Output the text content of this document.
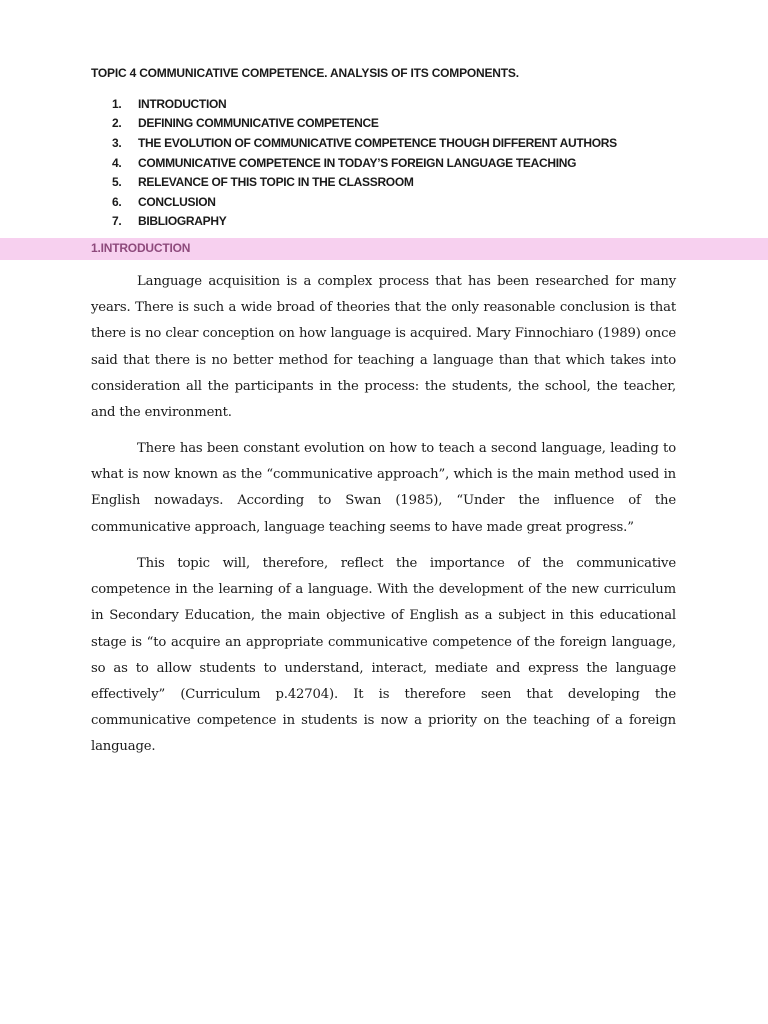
TOPIC 4 COMMUNICATIVE COMPETENCE. ANALYSIS OF ITS COMPONENTS.
1.	INTRODUCTION
2.	DEFINING COMMUNICATIVE COMPETENCE
3.	THE EVOLUTION OF COMMUNICATIVE COMPETENCE THOUGH DIFFERENT AUTHORS
4.	COMMUNICATIVE COMPETENCE IN TODAY’S FOREIGN LANGUAGE TEACHING
5.	RELEVANCE OF THIS TOPIC IN THE CLASSROOM
6.	CONCLUSION
7.	BIBLIOGRAPHY
1.INTRODUCTION

Language acquisition is a complex process that has been researched for many years. There is such a wide broad of theories that the only reasonable conclusion is that there is no clear conception on how language is acquired. Mary Finnochiaro (1989) once said that there is no better method for teaching a language than that which takes into consideration all the participants in the process: the students, the school, the teacher, and the environment.

There has been constant evolution on how to teach a second language, leading to what is now known as the “communicative approach”, which is the main method used in English nowadays. According to Swan (1985), “Under the influence of the communicative approach, language teaching seems to have made great progress.”

This topic will, therefore, reflect the importance of the communicative competence in the learning of a language. With the development of the new curriculum in Secondary Education, the main objective of English as a subject in this educational stage is “to acquire an appropriate communicative competence of the foreign language, so as to allow students to understand, interact, mediate and express the language effectively” (Curriculum p.42704). It is therefore seen that developing the communicative competence in students is now a priority on the teaching of a foreign language.
